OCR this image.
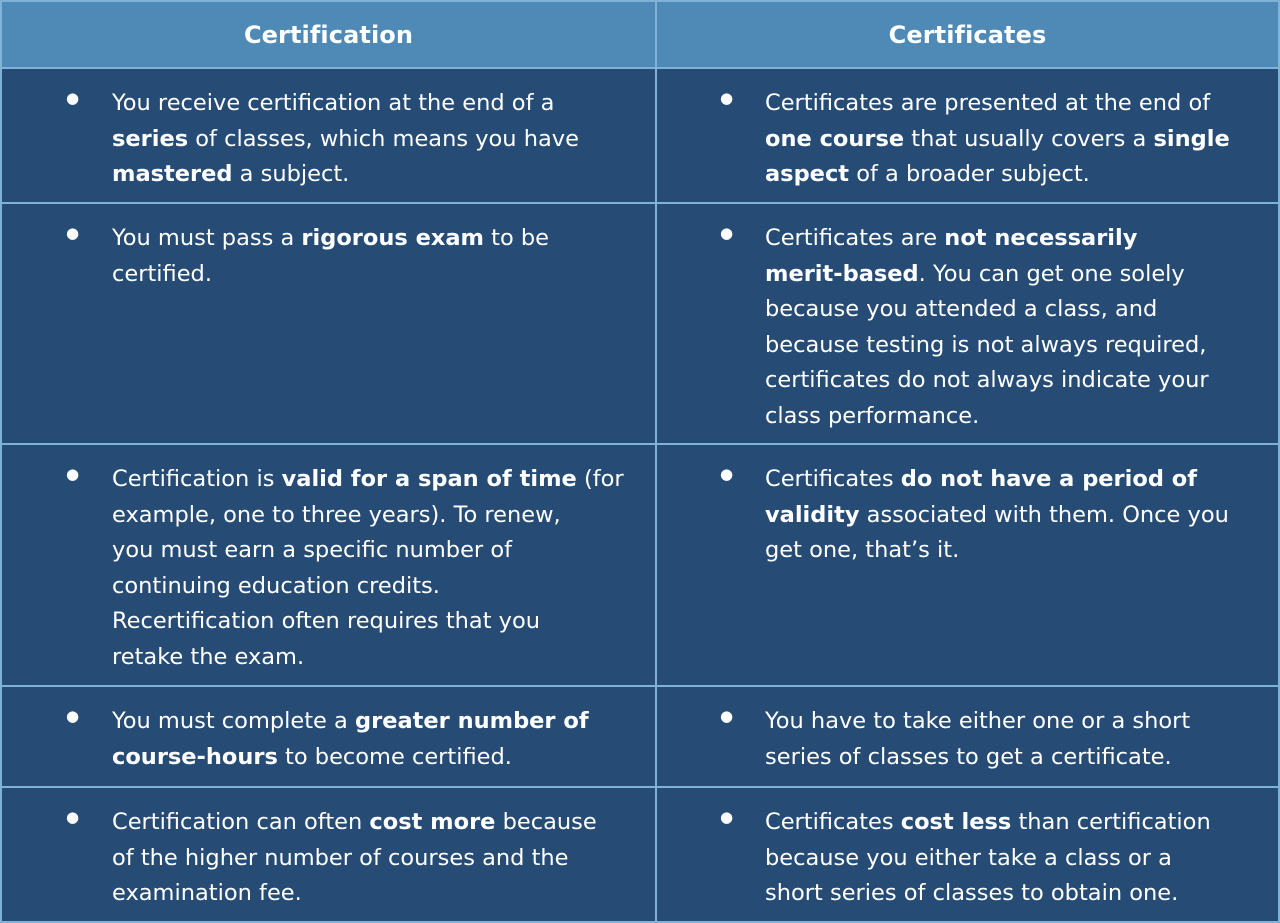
Certification	Certificates
● You receive certification at the end of a
series of classes, which means you have
mastered a subject.
● Certificates are presented at the end of
one course that usually covers a single
aspect of a broader subject.
● You must pass a rigorous exam to be
certified.
● Certificates are not necessarily
merit-based. You can get one solely
because you attended a class, and
because testing is not always required,
certificates do not always indicate your
class performance.
● Certification is valid for a span of time (for
example, one to three years). To renew,
you must earn a specific number of
continuing education credits.
Recertification often requires that you
retake the exam.
● Certificates do not have a period of
validity associated with them. Once you
get one, that’s it.
● You must complete a greater number of
course-hours to become certified.
● You have to take either one or a short
series of classes to get a certificate.
● Certification can often cost more because
of the higher number of courses and the
examination fee.
● Certificates cost less than certification
because you either take a class or a
short series of classes to obtain one.
